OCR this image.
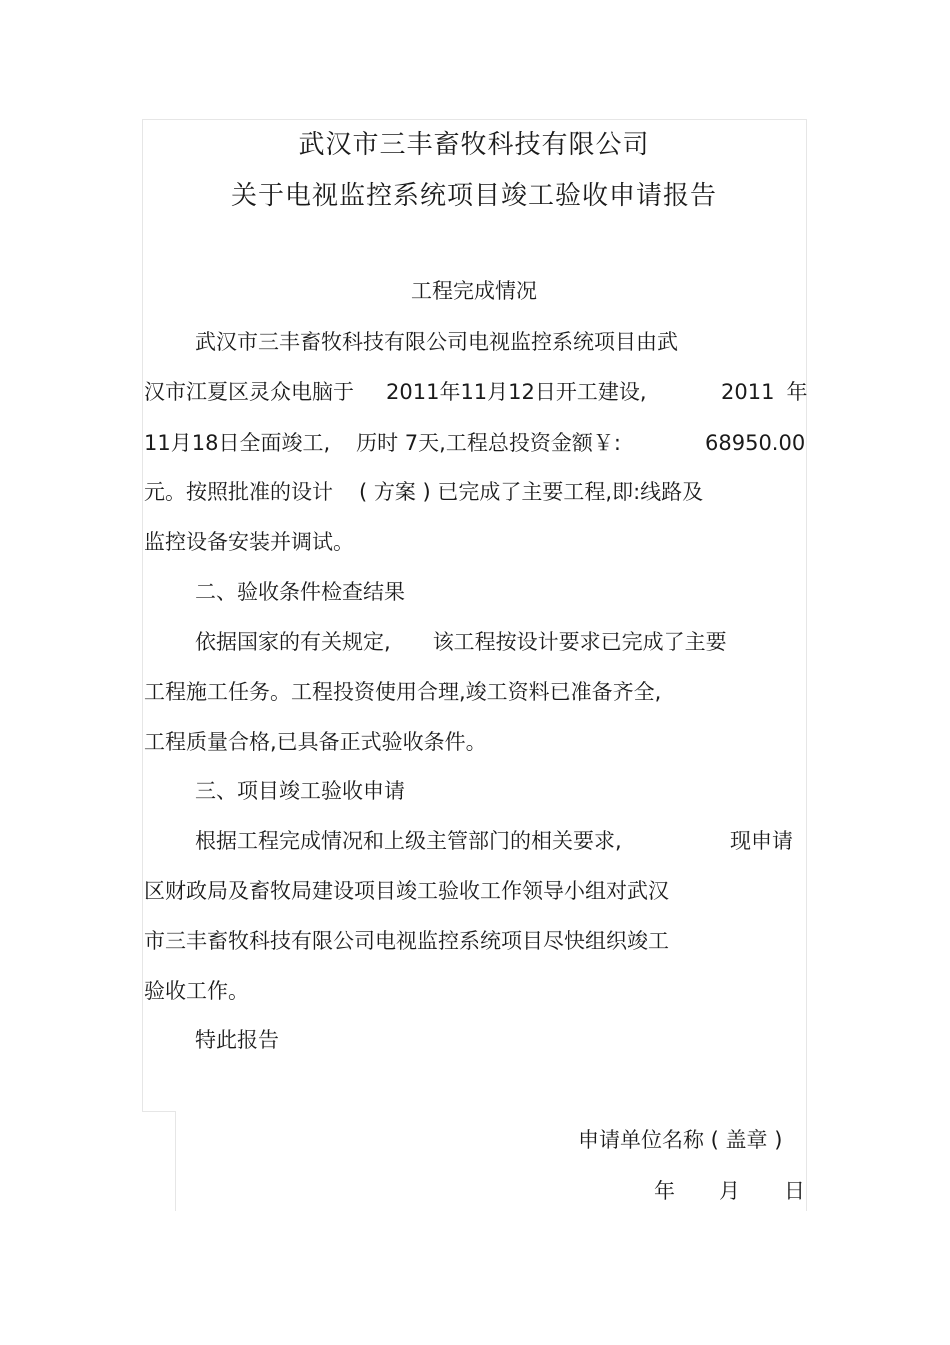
武汉市三丰畜牧科技有限公司
关于电视监控系统项目竣工验收申请报告
工程完成情况
武汉市三丰畜牧科技有限公司电视监控系统项目由武
汉市江夏区灵众电脑于 2011年11月12日开工建设,	2011 年
11月18日全面竣工, 历时 7天,工程总投资金额￥:	68950.00
元。按照批准的设计 ( 方案 ) 已完成了主要工程,即:线路及
监控设备安装并调试。
二、验收条件检查结果
依据国家的有关规定, 该工程按设计要求已完成了主要
工程施工任务。工程投资使用合理,竣工资料已准备齐全,
工程质量合格,已具备正式验收条件。
三、项目竣工验收申请
根据工程完成情况和上级主管部门的相关要求,	现申请
区财政局及畜牧局建设项目竣工验收工作领导小组对武汉
市三丰畜牧科技有限公司电视监控系统项目尽快组织竣工
验收工作。
特此报告
申请单位名称 ( 盖章 )
年 月 日
